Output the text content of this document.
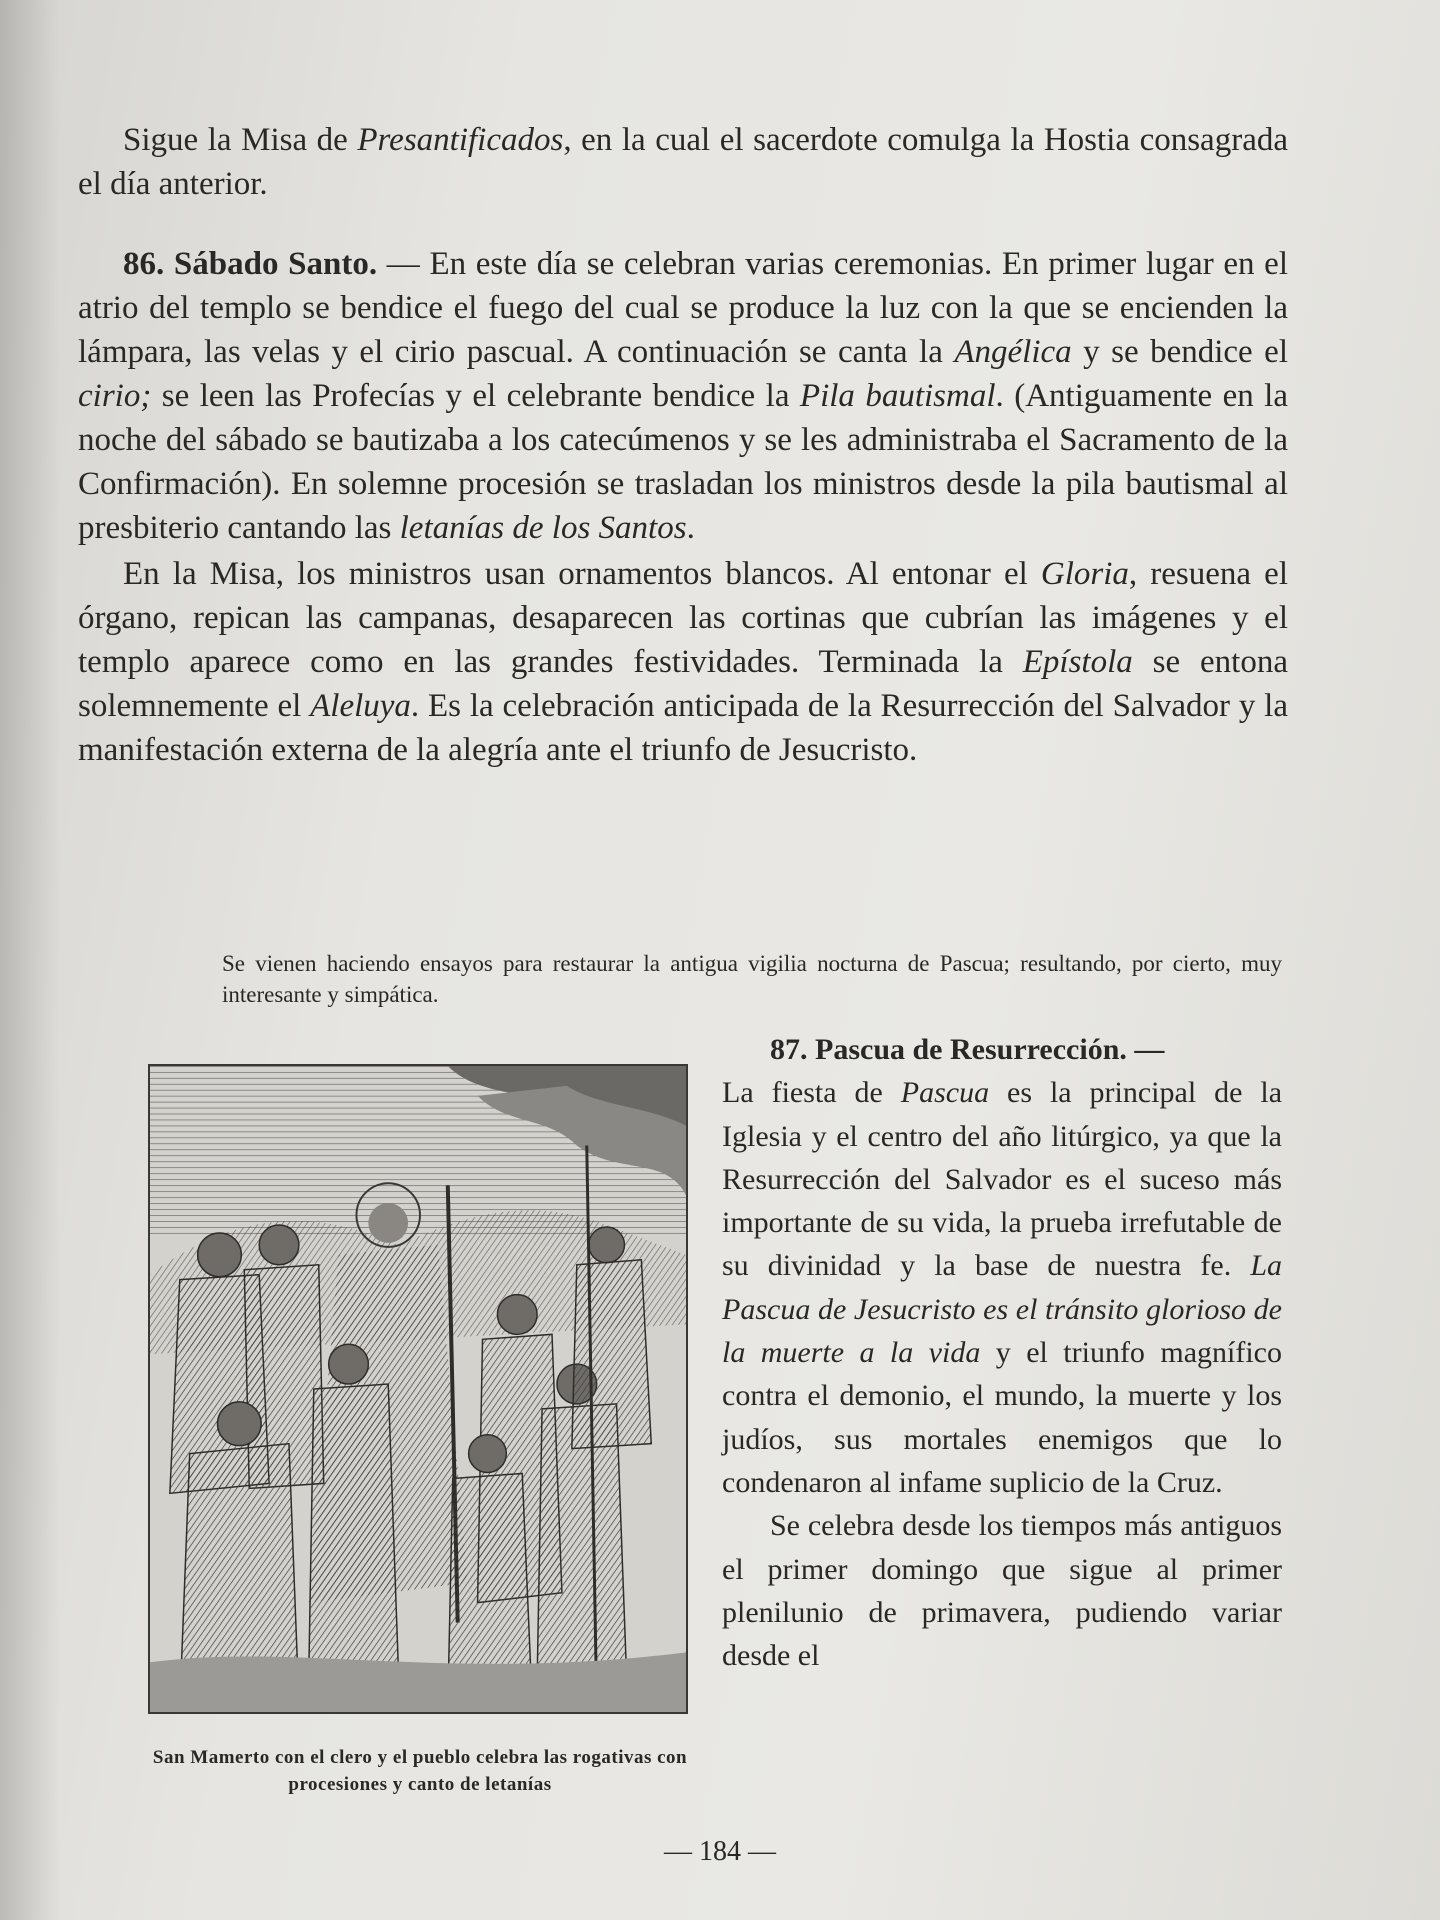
Sigue la Misa de Presantificados, en la cual el sacerdote comulga la Hostia consagrada el día anterior.

86. Sábado Santo. — En este día se celebran varias ceremonias. En primer lugar en el atrio del templo se bendice el fuego del cual se produce la luz con la que se encienden la lámpara, las velas y el cirio pascual. A continuación se canta la Angélica y se bendice el cirio; se leen las Profecías y el celebrante bendice la Pila bautismal. (Antiguamente en la noche del sábado se bautizaba a los catecúmenos y se les administraba el Sacramento de la Confirmación). En solemne procesión se trasladan los ministros desde la pila bautismal al presbiterio cantando las letanías de los Santos.

En la Misa, los ministros usan ornamentos blancos. Al entonar el Gloria, resuena el órgano, repican las campanas, desaparecen las cortinas que cubrían las imágenes y el templo aparece como en las grandes festividades. Terminada la Epístola se entona solemnemente el Aleluya. Es la celebración anticipada de la Resurrección del Salvador y la manifestación externa de la alegría ante el triunfo de Jesucristo.

Se vienen haciendo ensayos para restaurar la antigua vigilia nocturna de Pascua; resultando, por cierto, muy interesante y simpática.
San Mamerto con el clero y el pueblo celebra las rogativas con procesiones y canto de letanías

87. Pascua de Resurrección. —

La fiesta de Pascua es la principal de la Iglesia y el centro del año litúrgico, ya que la Resurrección del Salvador es el suceso más importante de su vida, la prueba irrefutable de su divinidad y la base de nuestra fe. La Pascua de Jesucristo es el tránsito glorioso de la muerte a la vida y el triunfo magnífico contra el demonio, el mundo, la muerte y los judíos, sus mortales enemigos que lo condenaron al infame suplicio de la Cruz.

Se celebra desde los tiempos más antiguos el primer domingo que sigue al primer plenilunio de primavera, pudiendo variar desde el

— 184 —
